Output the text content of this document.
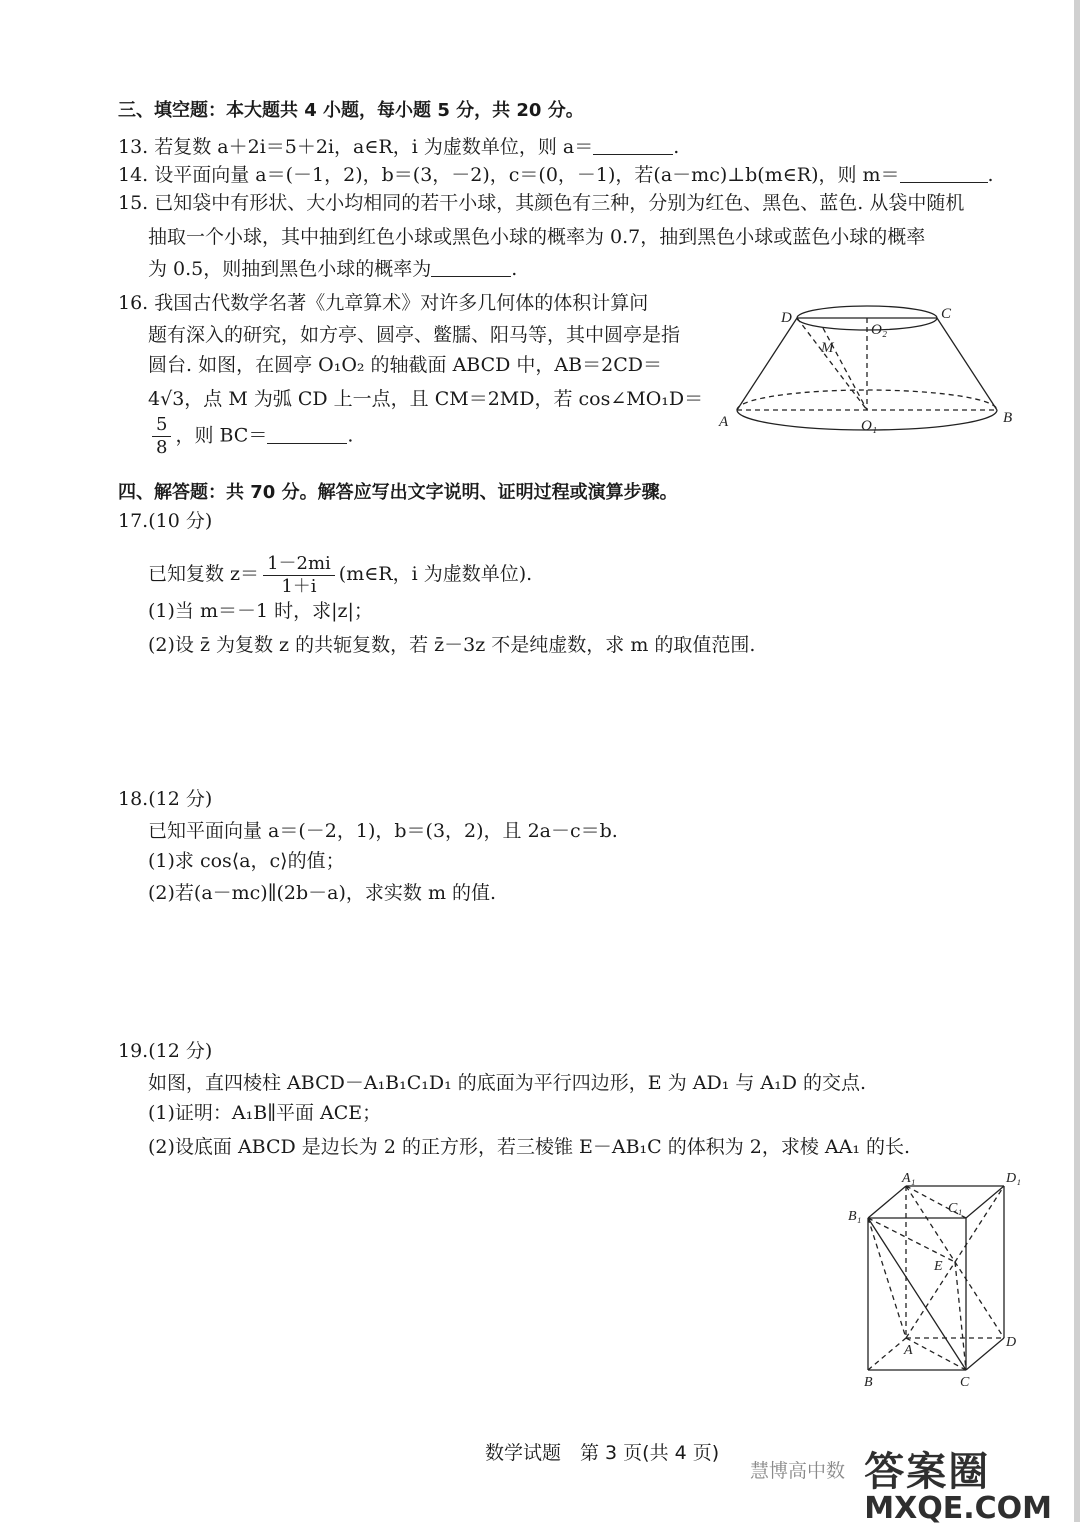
三、填空题：本大题共 4 小题，每小题 5 分，共 20 分。
13. 若复数 a＋2i＝5＋2i，a∈R，i 为虚数单位，则 a＝	.
14. 设平面向量 a＝(－1，2)，b＝(3，－2)，c＝(0，－1)，若(a－mc)⊥b(m∈R)，则 m＝	.
15. 已知袋中有形状、大小均相同的若干小球，其颜色有三种，分别为红色、黑色、蓝色. 从袋中随机
抽取一个小球，其中抽到红色小球或黑色小球的概率为 0.7，抽到黑色小球或蓝色小球的概率
为 0.5，则抽到黑色小球的概率为	.
16. 我国古代数学名著《九章算术》对许多几何体的体积计算问
题有深入的研究，如方亭、圆亭、鳖臑、阳马等，其中圆亭是指
圆台. 如图，在圆亭 O₁O₂ 的轴截面 ABCD 中，AB＝2CD＝
4√3，点 M 为弧 CD 上一点，且 CM＝2MD，若 cos∠MO₁D＝
$\frac{5}{8}$ ，则 BC＝	.
D	C
O₂
M
A	B
O₁
四、解答题：共 70 分。解答应写出文字说明、证明过程或演算步骤。
17.(10 分)
已知复数 $z= \frac{1-2mi}{1+i}$ (m∈R，i 为虚数单位).
(1)当 m＝－1 时，求|z|；
(2)设 z̄ 为复数 z 的共轭复数，若 z̄－3z 不是纯虚数，求 m 的取值范围.
18.(12 分)
已知平面向量 a＝(－2，1)，b＝(3，2)，且 2a－c＝b.
(1)求 cos⟨a，c⟩的值；
(2)若(a－mc)∥(2b－a)，求实数 m 的值.
19.(12 分)
如图，直四棱柱 ABCD－A₁B₁C₁D₁ 的底面为平行四边形，E 为 AD₁ 与 A₁D 的交点.
(1)证明：A₁B∥平面 ACE；
(2)设底面 ABCD 是边长为 2 的正方形，若三棱锥 E－AB₁C 的体积为 2，求棱 AA₁ 的长.
A₁	D₁
B₁
C₁
E
A
D
B	C
数学试题　第 3 页(共 4 页)
慧博高中数 答案圈
MXQE.COM
